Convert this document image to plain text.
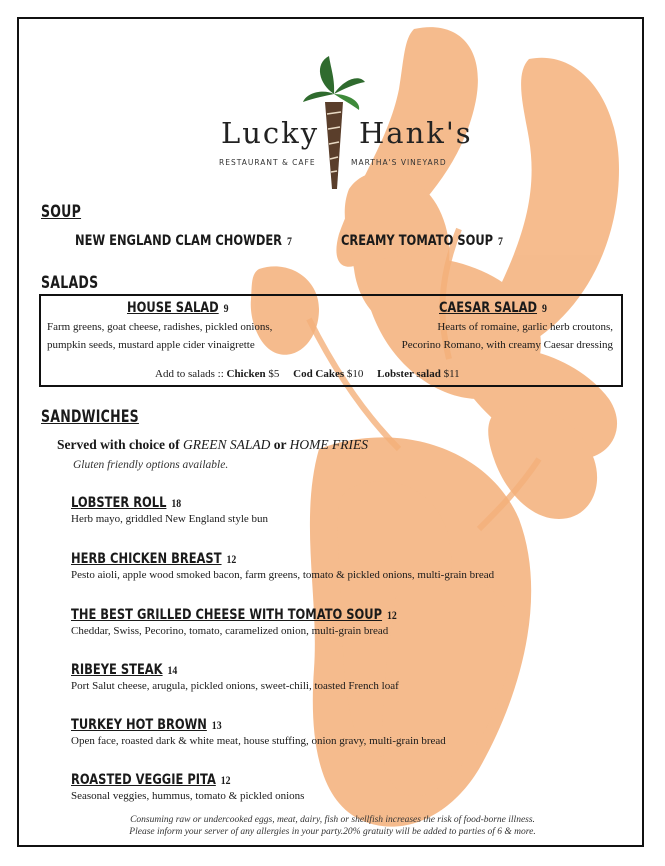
Lucky Hank's
RESTAURANT & CAFE	MARTHA'S VINEYARD
SOUP
NEW ENGLAND CLAM CHOWDER 7	CREAMY TOMATO SOUP 7
SALADS
HOUSE SALAD 9
Farm greens, goat cheese, radishes, pickled onions,
pumpkin seeds, mustard apple cider vinaigrette
CAESAR SALAD 9
Hearts of romaine, garlic herb croutons,
Pecorino Romano, with creamy Caesar dressing
Add to salads :: Chicken $5 Cod Cakes $10 Lobster salad $11
SANDWICHES
Served with choice of GREEN SALAD or HOME FRIES
Gluten friendly options available.
LOBSTER ROLL 18
Herb mayo, griddled New England style bun
HERB CHICKEN BREAST 12
Pesto aioli, apple wood smoked bacon, farm greens, tomato & pickled onions, multi-grain bread
THE BEST GRILLED CHEESE WITH TOMATO SOUP 12
Cheddar, Swiss, Pecorino, tomato, caramelized onion, multi-grain bread
RIBEYE STEAK 14
Port Salut cheese, arugula, pickled onions, sweet-chili, toasted French loaf
TURKEY HOT BROWN 13
Open face, roasted dark & white meat, house stuffing, onion gravy, multi-grain bread
ROASTED VEGGIE PITA 12
Seasonal veggies, hummus, tomato & pickled onions
Consuming raw or undercooked eggs, meat, dairy, fish or shellfish increases the risk of food-borne illness.
Please inform your server of any allergies in your party.20% gratuity will be added to parties of 6 & more.
